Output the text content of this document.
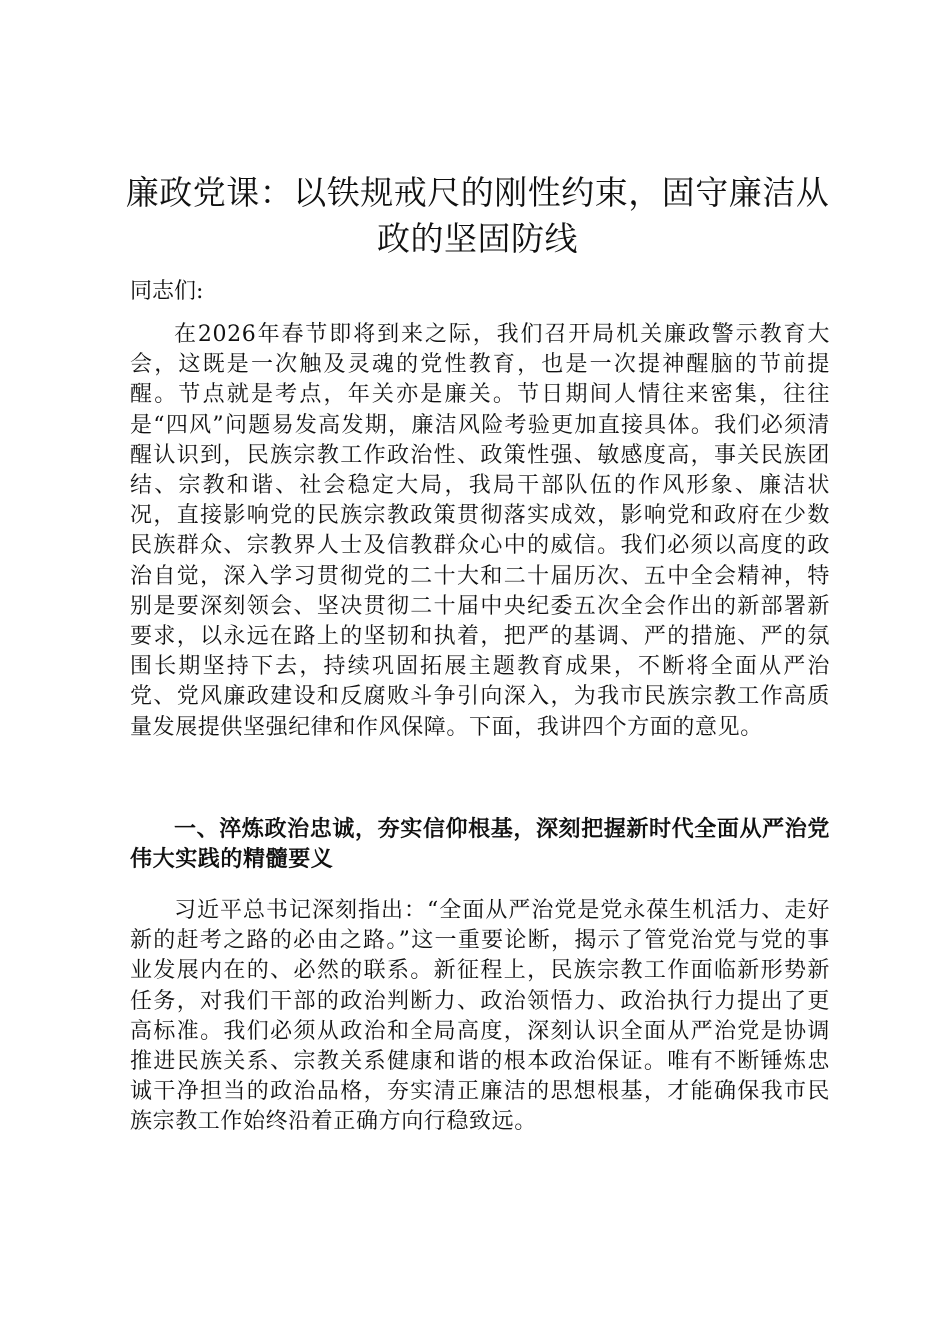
廉政党课：以铁规戒尺的刚性约束，固守廉洁从政的坚固防线

同志们:

在2026年春节即将到来之际，我们召开局机关廉政警示教育大会，这既是一次触及灵魂的党性教育，也是一次提神醒脑的节前提醒。节点就是考点，年关亦是廉关。节日期间人情往来密集，往往是“四风”问题易发高发期，廉洁风险考验更加直接具体。我们必须清醒认识到，民族宗教工作政治性、政策性强、敏感度高，事关民族团结、宗教和谐、社会稳定大局，我局干部队伍的作风形象、廉洁状况，直接影响党的民族宗教政策贯彻落实成效，影响党和政府在少数民族群众、宗教界人士及信教群众心中的威信。我们必须以高度的政治自觉，深入学习贯彻党的二十大和二十届历次、五中全会精神，特别是要深刻领会、坚决贯彻二十届中央纪委五次全会作出的新部署新要求，以永远在路上的坚韧和执着，把严的基调、严的措施、严的氛围长期坚持下去，持续巩固拓展主题教育成果，不断将全面从严治党、党风廉政建设和反腐败斗争引向深入，为我市民族宗教工作高质量发展提供坚强纪律和作风保障。下面，我讲四个方面的意见。

一、淬炼政治忠诚，夯实信仰根基，深刻把握新时代全面从严治党伟大实践的精髓要义

习近平总书记深刻指出：“全面从严治党是党永葆生机活力、走好新的赶考之路的必由之路。”这一重要论断，揭示了管党治党与党的事业发展内在的、必然的联系。新征程上，民族宗教工作面临新形势新任务，对我们干部的政治判断力、政治领悟力、政治执行力提出了更高标准。我们必须从政治和全局高度，深刻认识全面从严治党是协调推进民族关系、宗教关系健康和谐的根本政治保证。唯有不断锤炼忠诚干净担当的政治品格，夯实清正廉洁的思想根基，才能确保我市民族宗教工作始终沿着正确方向行稳致远。
